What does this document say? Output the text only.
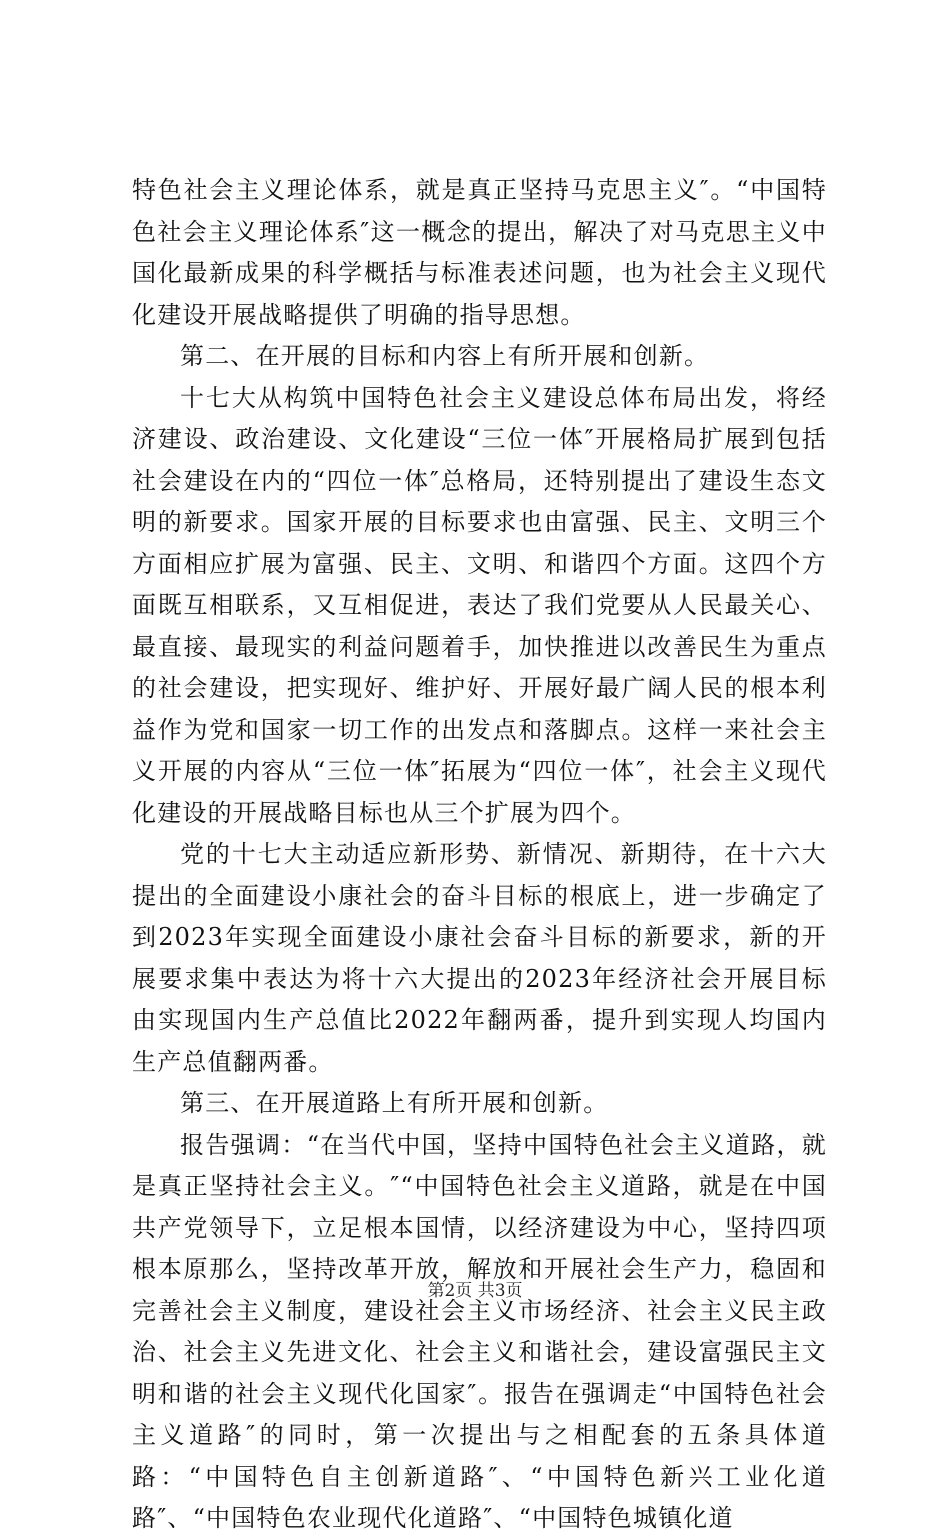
特色社会主义理论体系，就是真正坚持马克思主义″。“中国特色社会主义理论体系″这一概念的提出，解决了对马克思主义中国化最新成果的科学概括与标准表述问题，也为社会主义现代化建设开展战略提供了明确的指导思想。

第二、在开展的目标和内容上有所开展和创新。

十七大从构筑中国特色社会主义建设总体布局出发，将经济建设、政治建设、文化建设“三位一体″开展格局扩展到包括社会建设在内的“四位一体″总格局，还特别提出了建设生态文明的新要求。国家开展的目标要求也由富强、民主、文明三个方面相应扩展为富强、民主、文明、和谐四个方面。这四个方面既互相联系，又互相促进，表达了我们党要从人民最关心、最直接、最现实的利益问题着手，加快推进以改善民生为重点的社会建设，把实现好、维护好、开展好最广阔人民的根本利益作为党和国家一切工作的出发点和落脚点。这样一来社会主义开展的内容从“三位一体″拓展为“四位一体″，社会主义现代化建设的开展战略目标也从三个扩展为四个。

党的十七大主动适应新形势、新情况、新期待，在十六大提出的全面建设小康社会的奋斗目标的根底上，进一步确定了到2023年实现全面建设小康社会奋斗目标的新要求，新的开展要求集中表达为将十六大提出的2023年经济社会开展目标由实现国内生产总值比2022年翻两番，提升到实现人均国内生产总值翻两番。

第三、在开展道路上有所开展和创新。

报告强调：“在当代中国，坚持中国特色社会主义道路，就是真正坚持社会主义。″“中国特色社会主义道路，就是在中国共产党领导下，立足根本国情，以经济建设为中心，坚持四项根本原那么，坚持改革开放，解放和开展社会生产力，稳固和完善社会主义制度，建设社会主义市场经济、社会主义民主政治、社会主义先进文化、社会主义和谐社会，建设富强民主文明和谐的社会主义现代化国家″。报告在强调走“中国特色社会主义道路″的同时，第一次提出与之相配套的五条具体道路：“中国特色自主创新道路″、“中国特色新兴工业化道路″、“中国特色农业现代化道路″、“中国特色城镇化道

第2页 共3页
